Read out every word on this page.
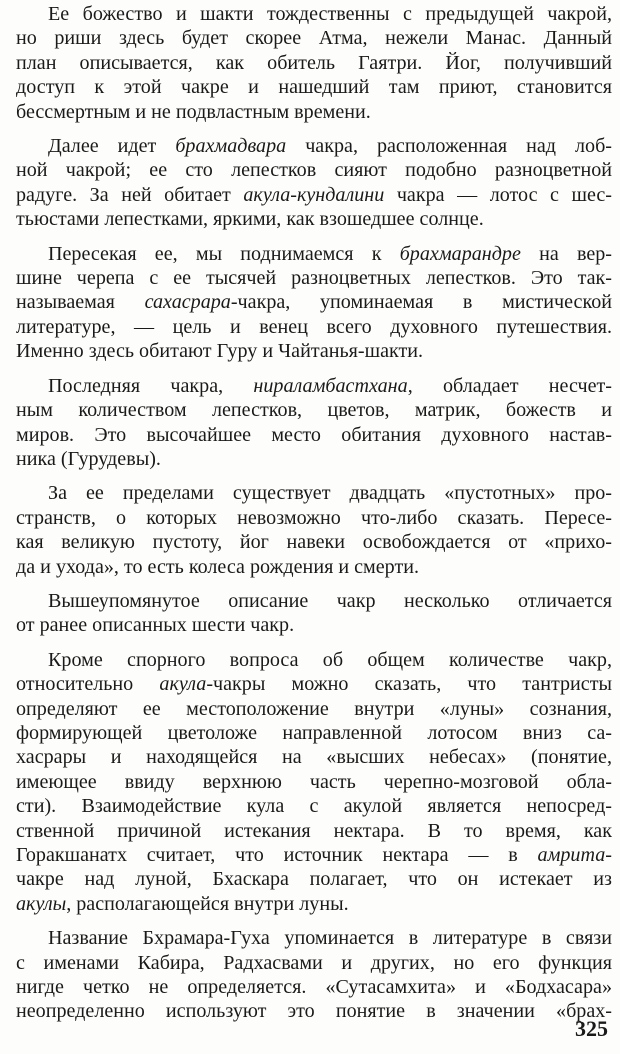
Ее божество и шакти тождественны с предыдущей чакрой,
но риши здесь будет скорее Атма, нежели Манас. Данный
план описывается, как обитель Гаятри. Йог, получивший
доступ к этой чакре и нашедший там приют, становится
бессмертным и не подвластным времени.
Далее идет брахмадвара чакра, расположенная над лоб-
ной чакрой; ее сто лепестков сияют подобно разноцветной
радуге. За ней обитает акула-кундалини чакра — лотос с шес-
тьюстами лепестками, яркими, как взошедшее солнце.
Пересекая ее, мы поднимаемся к брахмарандре на вер-
шине черепа с ее тысячей разноцветных лепестков. Это так-
называемая сахасрара-чакра, упоминаемая в мистической
литературе, — цель и венец всего духовного путешествия.
Именно здесь обитают Гуру и Чайтанья-шакти.
Последняя чакра, нираламбастхана, обладает несчет-
ным количеством лепестков, цветов, матрик, божеств и
миров. Это высочайшее место обитания духовного настав-
ника (Гурудевы).
За ее пределами существует двадцать «пустотных» про-
странств, о которых невозможно что-либо сказать. Пересе-
кая великую пустоту, йог навеки освобождается от «прихо-
да и ухода», то есть колеса рождения и смерти.
Вышеупомянутое описание чакр несколько отличается
от ранее описанных шести чакр.
Кроме спорного вопроса об общем количестве чакр,
относительно акула-чакры можно сказать, что тантристы
определяют ее местоположение внутри «луны» сознания,
формирующей цветоложе направленной лотосом вниз са-
хасрары и находящейся на «высших небесах» (понятие,
имеющее ввиду верхнюю часть черепно-мозговой обла-
сти). Взаимодействие кула с акулой является непосред-
ственной причиной истекания нектара. В то время, как
Горакшанатх считает, что источник нектара — в амрита-
чакре над луной, Бхаскара полагает, что он истекает из
акулы, располагающейся внутри луны.
Название Бхрамара-Гуха упоминается в литературе в связи
с именами Кабира, Радхасвами и других, но его функция
нигде четко не определяется. «Сутасамхита» и «Бодхасара»
неопределенно используют это понятие в значении «брах-
325
